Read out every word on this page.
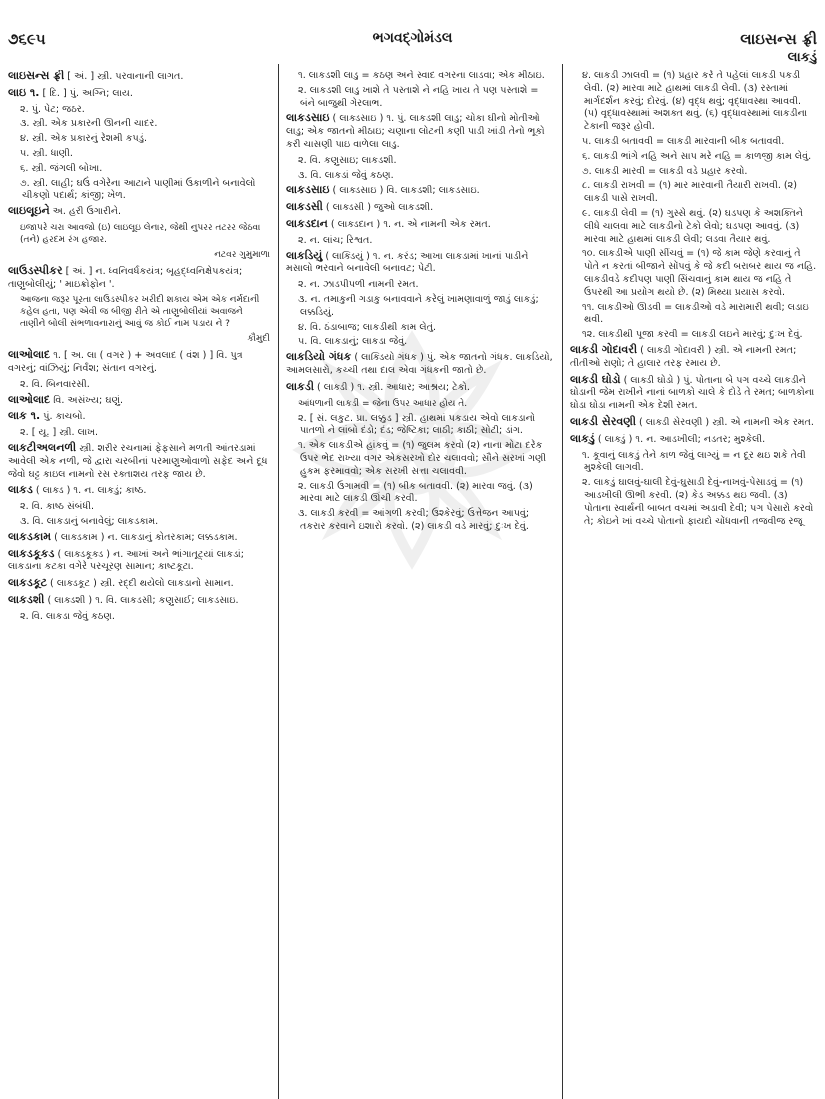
૭૬૯૫	ભગવદ્ગોમંડલ	લાઇસન્સ ફ્રી
લાકડું
લાઇસન્સ ફ્રી [ અં. ] સ્ત્રી. પરવાનાની લાગત.
લાઇ ૧. [ દિ. ] પું. અગ્નિ; લાય.
૨. પું. પેટ; જઠર.
૩. સ્ત્રી. એક પ્રકારની ઊનની ચાદર.
૪. સ્ત્રી. એક પ્રકારનું રેશમી કપડું.
૫. સ્ત્રી. ધાણી.
૬. સ્ત્રી. જંગલી બોખા.
૭. સ્ત્રી. લાહી; ઘઉં વગેરેના આટાને પાણીમાં ઉકાળીને બનાવેલો ચીકણો પદાર્થ; કાંજી; ખેળ.
લાઇલૂઇને અ. હરી ઉગારીને.
ઇજાપરે ચરા આવજો (ઇ) લાઇલૂઇ લેનાર, જેથી નુપરર તટરર જેઠવા (તને) હરદમ રંગ હજાર.
નટવર ગુમુમાળા
લાઉડસ્પીકર [ અં. ] ન. ધ્વનિવર્ધકયંત્ર; બૃહદ્ધ્વનિક્ષેપકયંત્ર; તાણુબોલીયું; ' માઇક્રોફોન '.
આજના જરૂર પૂરતા લાઉડસ્પીકર ખરીદી શકાય એમ એક નર્મદાની કહેલ હતા, પણ એવી જ બીજી રીતે એ તાણુબોલીયાં અવાજને તાણીને બોલી સંભળાવનારાનું આવું જ કોઈ નામ પડાય ને ?
કૌમુદી
લાઓલાદ ૧. [ અ. લા ( વગર ) + અવલાદ ( વંશ ) ] વિ. પુત્ર વગરનું; વાંઝિયું; નિર્વંશ; સંતાન વગરનું.
૨. વિ. બિનવારસી.
લાઓલાદ વિ. અસંખ્ય; ઘણું.
લાક ૧. પું. કાચબો.
૨. [ યૂ. ] સ્ત્રી. લાખ.
લાકટીઅલનળી સ્ત્રી. શરીર રચનામાં ફેફસાને મળતી આંતરડામાં આવેલી એક નળી, જે દ્વારા ચરબીનાં પરમાણુઓવાળો સફેદ અને દૂધ જેવો ઘટ્ટ કાઇલ નામનો રસ રક્તાશય તરફ જાય છે.
લાકડ ( લાક્ડ ) ૧. ન. લાકડું; કાષ્ઠ.
૨. વિ. કાષ્ઠ સંબંધી.
૩. વિ. લાકડાનું બનાવેલું; લાકડકામ.
લાકડકામ ( લાક્ડકામ ) ન. લાકડાનું કોતરકામ; લક્કડકામ.
લાકડકૂકડ ( લાક્ડકૂક્ડ ) ન. આખાં અને ભાંગાતૂટ્યાં લાકડાં; લાકડાના કટકા વગેરે પરચૂરણ સામાન; કાષ્ટકૂટા.
લાકડકૂટ ( લાક્ડકૂટ ) સ્ત્રી. રદ્દી થયેલો લાકડાનો સામાન.
લાકડશી ( લાક્ડશી ) ૧. વિ. લાકડસી; કણુસાઈ; લાકડસાઇ.
૨. વિ. લાકડા જેવું કઠણ.
૧. લાકડશી લાડુ = કઠણ અને સ્વાદ વગરના લાડવા; એક મીઠાઇ.
૨. લાકડશી લાડુ ખાશે તે પસ્તાશે ને નહિ ખાય તે પણ પસ્તાશે = બંને બાજુથી ગેરલાભ.
લાકડસાઇ ( લાક્ડસાઇ ) ૧. પું. લાકડશી લાડુ; ચોકા ઘીનો મોતીઓ લાડુ; એક જાતનો મીઠાઇ; ચણાના લોટની કણી પાડી ખાંડી તેનો ભૂકો કરી ચાસણી પાઇ વાળેલા લાડુ.
૨. વિ. કણુસાઇ; લાકડશી.
૩. વિ. લાકડાં જેવું કઠણ.
લાકડસાઇ ( લાક્ડસાઇ ) વિ. લાકડશી; લાકડસાઇ.
લાકડસી ( લાક્ડસી ) જુઓ લાકડશી.
લાકડદાન ( લાક્ડદાન ) ૧. ન. એ નામની એક રમત.
૨. ન. લાંચ; રિશ્વત.
લાકડિયું ( લાક્ડિયું ) ૧. ન. કરંડ; આખા લાકડામાં ખાનાં પાડીને મસાલો ભરવાને બનાવેલી બનાવટ; પેટી.
૨. ન. ઝાડપીપળી નામની રમત.
૩. ન. તમાકુની ગડાકુ બનાવવાને કરેલું ખામણાવાળું જાડું લાકડું; લક્કડિયું.
૪. વિ. ઠંડાબાજ; લાકડીથી કામ લેતું.
૫. વિ. લાકડાનું; લાકડા જેવું.
લાકડિયો ગંધક ( લાક્ડિયો ગંધક ) પું. એક જાતનો ગંધક. લાકડિયો, આમલસારો, કચ્ચી તથા દાલ એવા ગંધકની જાતો છે.
લાકડી ( લાક્ડી ) ૧. સ્ત્રી. આધાર; આશ્રય; ટેકો.
આંધળાની લાકડી = જેના ઉપર આધાર હોય તે.
૨. [ સં. લકુટ. પ્રા. લક્કુડ ] સ્ત્રી. હાથમાં પકડાય એવો લાકડાનો પાતળો ને લાંબો દંડો; દંડ; જેષ્ટિકા; લાઠી; કાઠી; સોટી; ડાંગ.
૧. એક લાકડીએ હાંકવું = (૧) જુલમ કરવો (૨) નાના મોટા દરેક ઉપર ભેદ રાખ્યા વગર એકસરખો દોર ચલાવવો; સૌને સરખાં ગણી હુકમ ફરમાવવો; એક સરખી સત્તા ચલાવવી.
૨. લાકડી ઉગામવી = (૧) બીક બતાવવી. (૨) મારવા જવું. (૩) મારવા માટે લાકડી ઊંચી કરવી.
૩. લાકડી કરવી = આંગળી કરવી; ઉશ્કેરવું; ઉત્તેજન આપવું; તકરાર કરવાને ઇશારો કરવો. (૨) લાકડી વડે મારવું; દુઃખ દેવું.
૪. લાકડી ઝાલવી = (૧) પ્રહાર કરે તે પહેલાં લાકડી પકડી લેવી. (૨) મારવા માટે હાથમાં લાકડી લેવી. (૩) રસ્તામાં માર્ગદર્શન કરવું; દોરવું. (૪) વૃદ્ધ થવું; વૃદ્ધાવસ્થા આવવી. (૫) વૃદ્ધાવસ્થામાં અશક્ત થવું. (૬) વૃદ્ધાવસ્થામાં લાકડીના ટેકાની જરૂર હોવી.
૫. લાકડી બતાવવી = લાકડી મારવાની બીક બતાવવી.
૬. લાકડી ભાંગે નહિ અને સાપ મરે નહિ = કાળજી કામ લેવું.
૭. લાકડી મારવી = લાકડી વડે પ્રહાર કરવો.
૮. લાકડી રાખવી = (૧) માર મારવાની તૈયારી રાખવી. (૨) લાકડી પાસે રાખવી.
૯. લાકડી લેવી = (૧) ગુસ્સે થવું. (૨) ઘડપણ કે અશક્તિને લીધે ચાલવા માટે લાકડીનો ટેકો લેવો; ઘડપણ આવવું. (૩) મારવા માટે હાથમાં લાકડી લેવી; લડવા તૈયાર થવું.
૧૦. લાકડીએ પાણી સીંચવું = (૧) જે કામ જેણે કરવાનું તે પોતે ન કરતાં બીજાને સોંપવું કે જે કદી બરાબર થાય જ નહિ. લાકડીવડે કદીપણ પાણી સિંચવાનું કામ થાય જ નહિ તે ઉપરથી આ પ્રયોગ થયો છે. (૨) મિથ્યા પ્રયાસ કરવો.
૧૧. લાકડીઓ ઊડવી = લાકડીઓ વડે મારામારી થવી; લડાઇ થવી.
૧૨. લાકડીથી પૂજા કરવી = લાકડી લઇને મારવું; દુઃખ દેવું.
લાકડી ગોદાવરી ( લાક્ડી ગોદાવરી ) સ્ત્રી. એ નામની રમત; તીતીઓ રાણો; તે હાલાર તરફ રમાય છે.
લાકડી ઘોડો ( લાક્ડી ઘોડો ) પું. પોતાના બે પગ વચ્ચે લાકડીને ઘોડાની જેમ રાખીને નાનાં બાળકો ચાલે કે દોડે તે રમત; બાળકોના ઘોડા ઘોડા નામની એક દેશી રમત.
લાકડી સેરવણી ( લાક્ડી સેરવણી ) સ્ત્રી. એ નામની એક રમત.
લાકડું ( લાક્ડું ) ૧. ન. આડખીલી; નડતર; મુશ્કેલી.
૧. કૂવાનું લાકડું તેને કાળ જેવું લાગ્યું = ન દૂર થઇ શકે તેવી મુશ્કેલી લાગવી.
૨. લાકડું ઘાલવું-ઘાલી દેવું-ઘુસાડી દેવું-નાખવું-પેસાડવું = (૧) આડખીલી ઊભી કરવી. (૨) કેડ અક્કડ થઇ જવી. (૩) પોતાના સ્વાર્થની બાબત વચમાં અડાવી દેવી; પગ પેસારો કરવો તે; કોઇને ખાં વચ્ચે પોતાનો ફાયદો ચોંધવાની તજવીજ રજૂ
